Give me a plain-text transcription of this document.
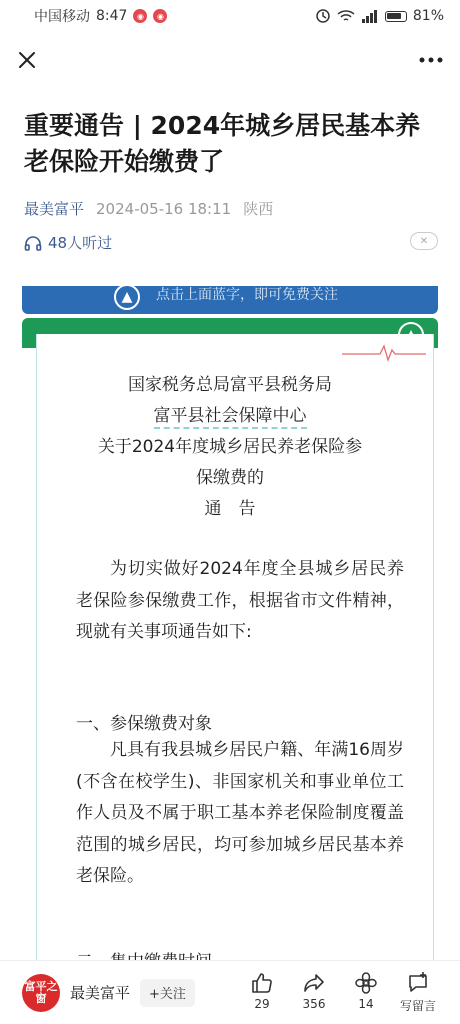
中国移动 8:47	◉	◉	81%
重要通告 | 2024年城乡居民基本养老保险开始缴费了
最美富平 2024-05-16 18:11 陕西
48人听过	✕
▲	点击上面蓝字，即可免费关注
国家税务总局富平县税务局
富平县社会保障中心
关于2024年度城乡居民养老保险参
保缴费的
通　告

为切实做好2024年度全县城乡居民养老保险参保缴费工作，根据省市文件精神，现就有关事项通告如下:

一、参保缴费对象

凡具有我县城乡居民户籍、年满16周岁(不含在校学生)、非国家机关和事业单位工作人员及不属于职工基本养老保险制度覆盖范围的城乡居民，均可参加城乡居民基本养老保险。

富平之窗	最美富平	+关注
29	356	14 写留言
